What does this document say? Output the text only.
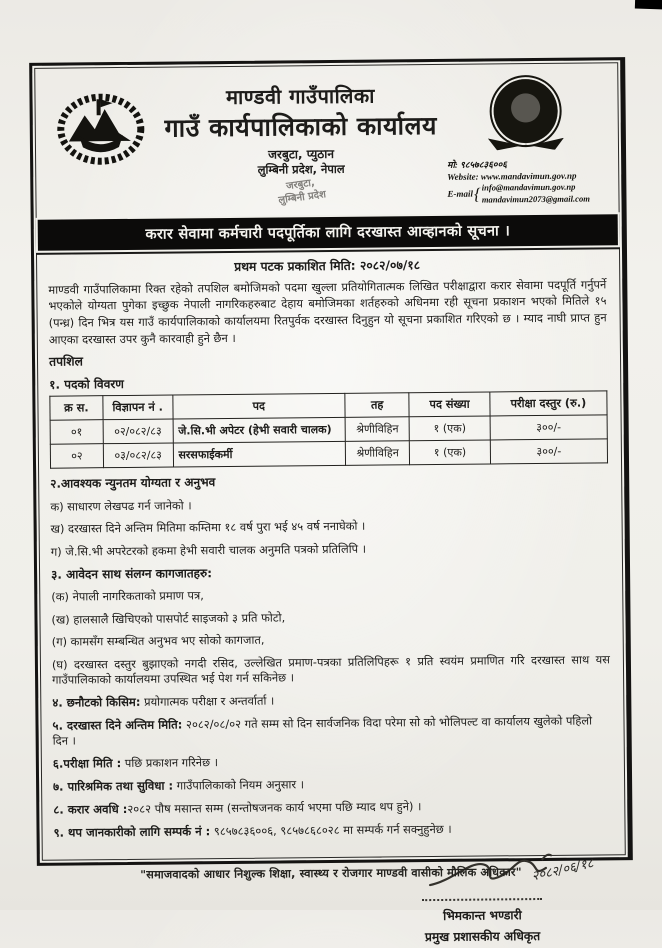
माण्डवी गाउँपालिका
गाउँ कार्यपालिकाको कार्यालय
जरबुटा, प्युठान
लुम्बिनी प्रदेश, नेपाल
जरबुटा,
लुम्बिनी प्रदेश
मो: ९८५७८३६००६
Website: www.mandavimun.gov.np
E-mail { info@mandavimun.gov.np
mandavimun2073@gmail.com
करार सेवामा कर्मचारी पदपूर्तिका लागि दरखास्त आव्हानको सूचना ।
प्रथम पटक प्रकाशित मिति: २०८२/०७/१८
माण्डवी गाउँपालिकामा रिक्त रहेको तपशिल बमोजिमको पदमा खुल्ला प्रतियोगितात्मक लिखित परीक्षाद्वारा करार सेवामा पदपूर्ति गर्नुपर्ने भएकोले योग्यता पुगेका इच्छुक नेपाली नागरिकहरुबाट देहाय बमोजिमका शर्तहरुको अधिनमा रही सूचना प्रकाशन भएको मितिले १५ (पन्ध्र) दिन भित्र यस गाउँ कार्यपालिकाको कार्यालयमा रितपुर्वक दरखास्त दिनुहुन यो सूचना प्रकाशित गरिएको छ । म्याद नाघी प्राप्त हुन आएका दरखास्त उपर कुनै कारवाही हुने छैन ।
तपशिल
१. पदको विवरण
क्र स.	विज्ञापन नं .	पद	तह	पद संख्या	परीक्षा दस्तुर (रु.)
०१	०२/०८२/८३	जे.सि.भी अपेटर (हेभी सवारी चालक)	श्रेणीविहिन	१ (एक)	३००/-
०२	०३/०८२/८३	सरसफाईकर्मी	श्रेणीविहिन	१ (एक)	३००/-
२.आवश्यक न्युनतम योग्यता र अनुभव
क) साधारण लेखपढ गर्न जानेको ।
ख) दरखास्त दिने अन्तिम मितिमा कम्तिमा १८ वर्ष पुरा भई ४५ वर्ष ननाघेको ।
ग) जे.सि.भी अपरेटरको हकमा हेभी सवारी चालक अनुमति पत्रको प्रतिलिपि ।
३. आवेदन साथ संलग्न कागजातहरु:
(क) नेपाली नागरिकताको प्रमाण पत्र,
(ख) हालसालै खिचिएको पासपोर्ट साइजको ३ प्रति फोटो,
(ग) कामसँग सम्बन्धित अनुभव भए सोको कागजात,
(घ) दरखास्त दस्तुर बुझाएको नगदी रसिद, उल्लेखित प्रमाण-पत्रका प्रतिलिपिहरू १ प्रति स्वयंम प्रमाणित गरि दरखास्त साथ यस गाउँपालिकाको कार्यालयमा उपस्थित भई पेश गर्न सकिनेछ ।
४. छनौटको किसिम: प्रयोगात्मक परीक्षा र अन्तर्वार्ता ।
५. दरखास्त दिने अन्तिम मिति: २०८२/०८/०२ गते सम्म सो दिन सार्वजनिक विदा परेमा सो को भोलिपल्ट वा कार्यालय खुलेको पहिलो दिन ।
६.परीक्षा मिति : पछि प्रकाशन गरिनेछ ।
७. पारिश्रमिक तथा सुविधा : गाउँपालिकाको नियम अनुसार ।
८. करार अवधि :२०८२ पौष मसान्त सम्म (सन्तोषजनक कार्य भएमा पछि म्याद थप हुने) ।
९. थप जानकारीको लागि सम्पर्क नं : ९८५७८३६००६, ९८५७८६८०२८ मा सम्पर्क गर्न सक्नुहुनेछ ।
२०८२/०६/१८
भिमकान्त भण्डारी
प्रमुख प्रशासकीय अधिकृत
"समाजवादको आधार निशुल्क शिक्षा, स्वास्थ्य र रोजगार माण्डवी वासीको मौलिक अधिकार"
